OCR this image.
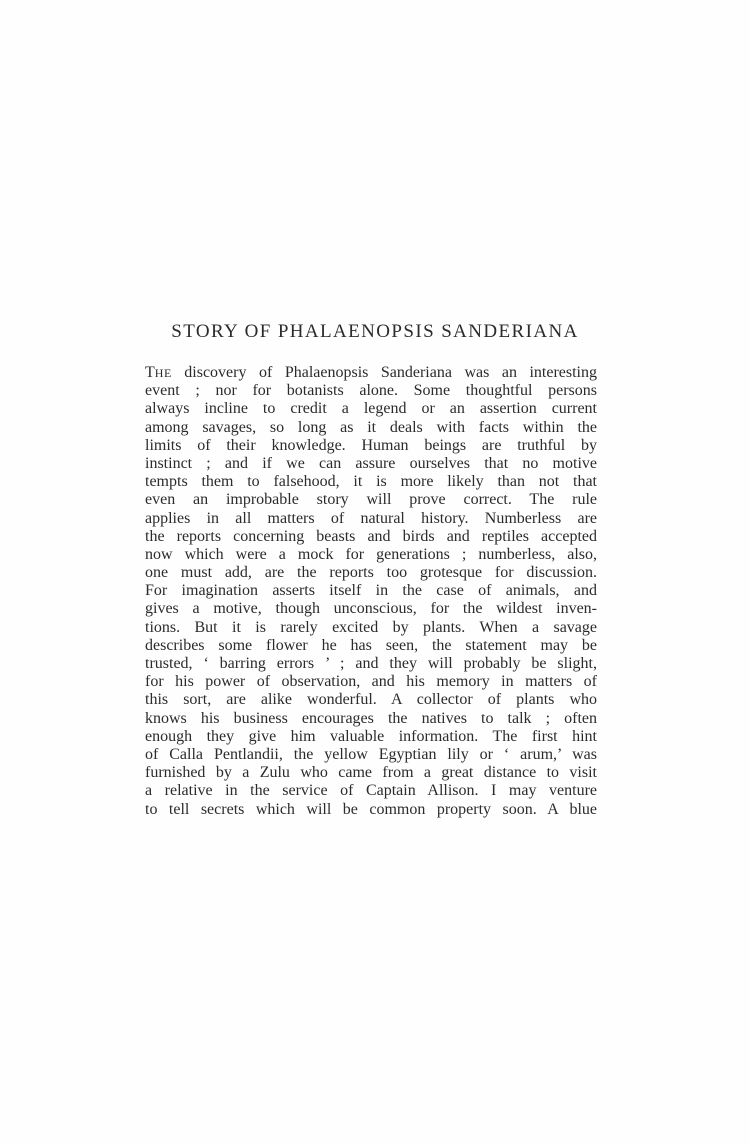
STORY OF PHALAENOPSIS SANDERIANA
THE discovery of Phalaenopsis Sanderiana was an interesting
event ; nor for botanists alone. Some thoughtful persons
always incline to credit a legend or an assertion current
among savages, so long as it deals with facts within the
limits of their knowledge. Human beings are truthful by
instinct ; and if we can assure ourselves that no motive
tempts them to falsehood, it is more likely than not that
even an improbable story will prove correct. The rule
applies in all matters of natural history. Numberless are
the reports concerning beasts and birds and reptiles accepted
now which were a mock for generations ; numberless, also,
one must add, are the reports too grotesque for discussion.
For imagination asserts itself in the case of animals, and
gives a motive, though unconscious, for the wildest inven-
tions. But it is rarely excited by plants. When a savage
describes some flower he has seen, the statement may be
trusted, ‘ barring errors ’ ; and they will probably be slight,
for his power of observation, and his memory in matters of
this sort, are alike wonderful. A collector of plants who
knows his business encourages the natives to talk ; often
enough they give him valuable information. The first hint
of Calla Pentlandii, the yellow Egyptian lily or ‘ arum,’ was
furnished by a Zulu who came from a great distance to visit
a relative in the service of Captain Allison. I may venture
to tell secrets which will be common property soon. A blue
